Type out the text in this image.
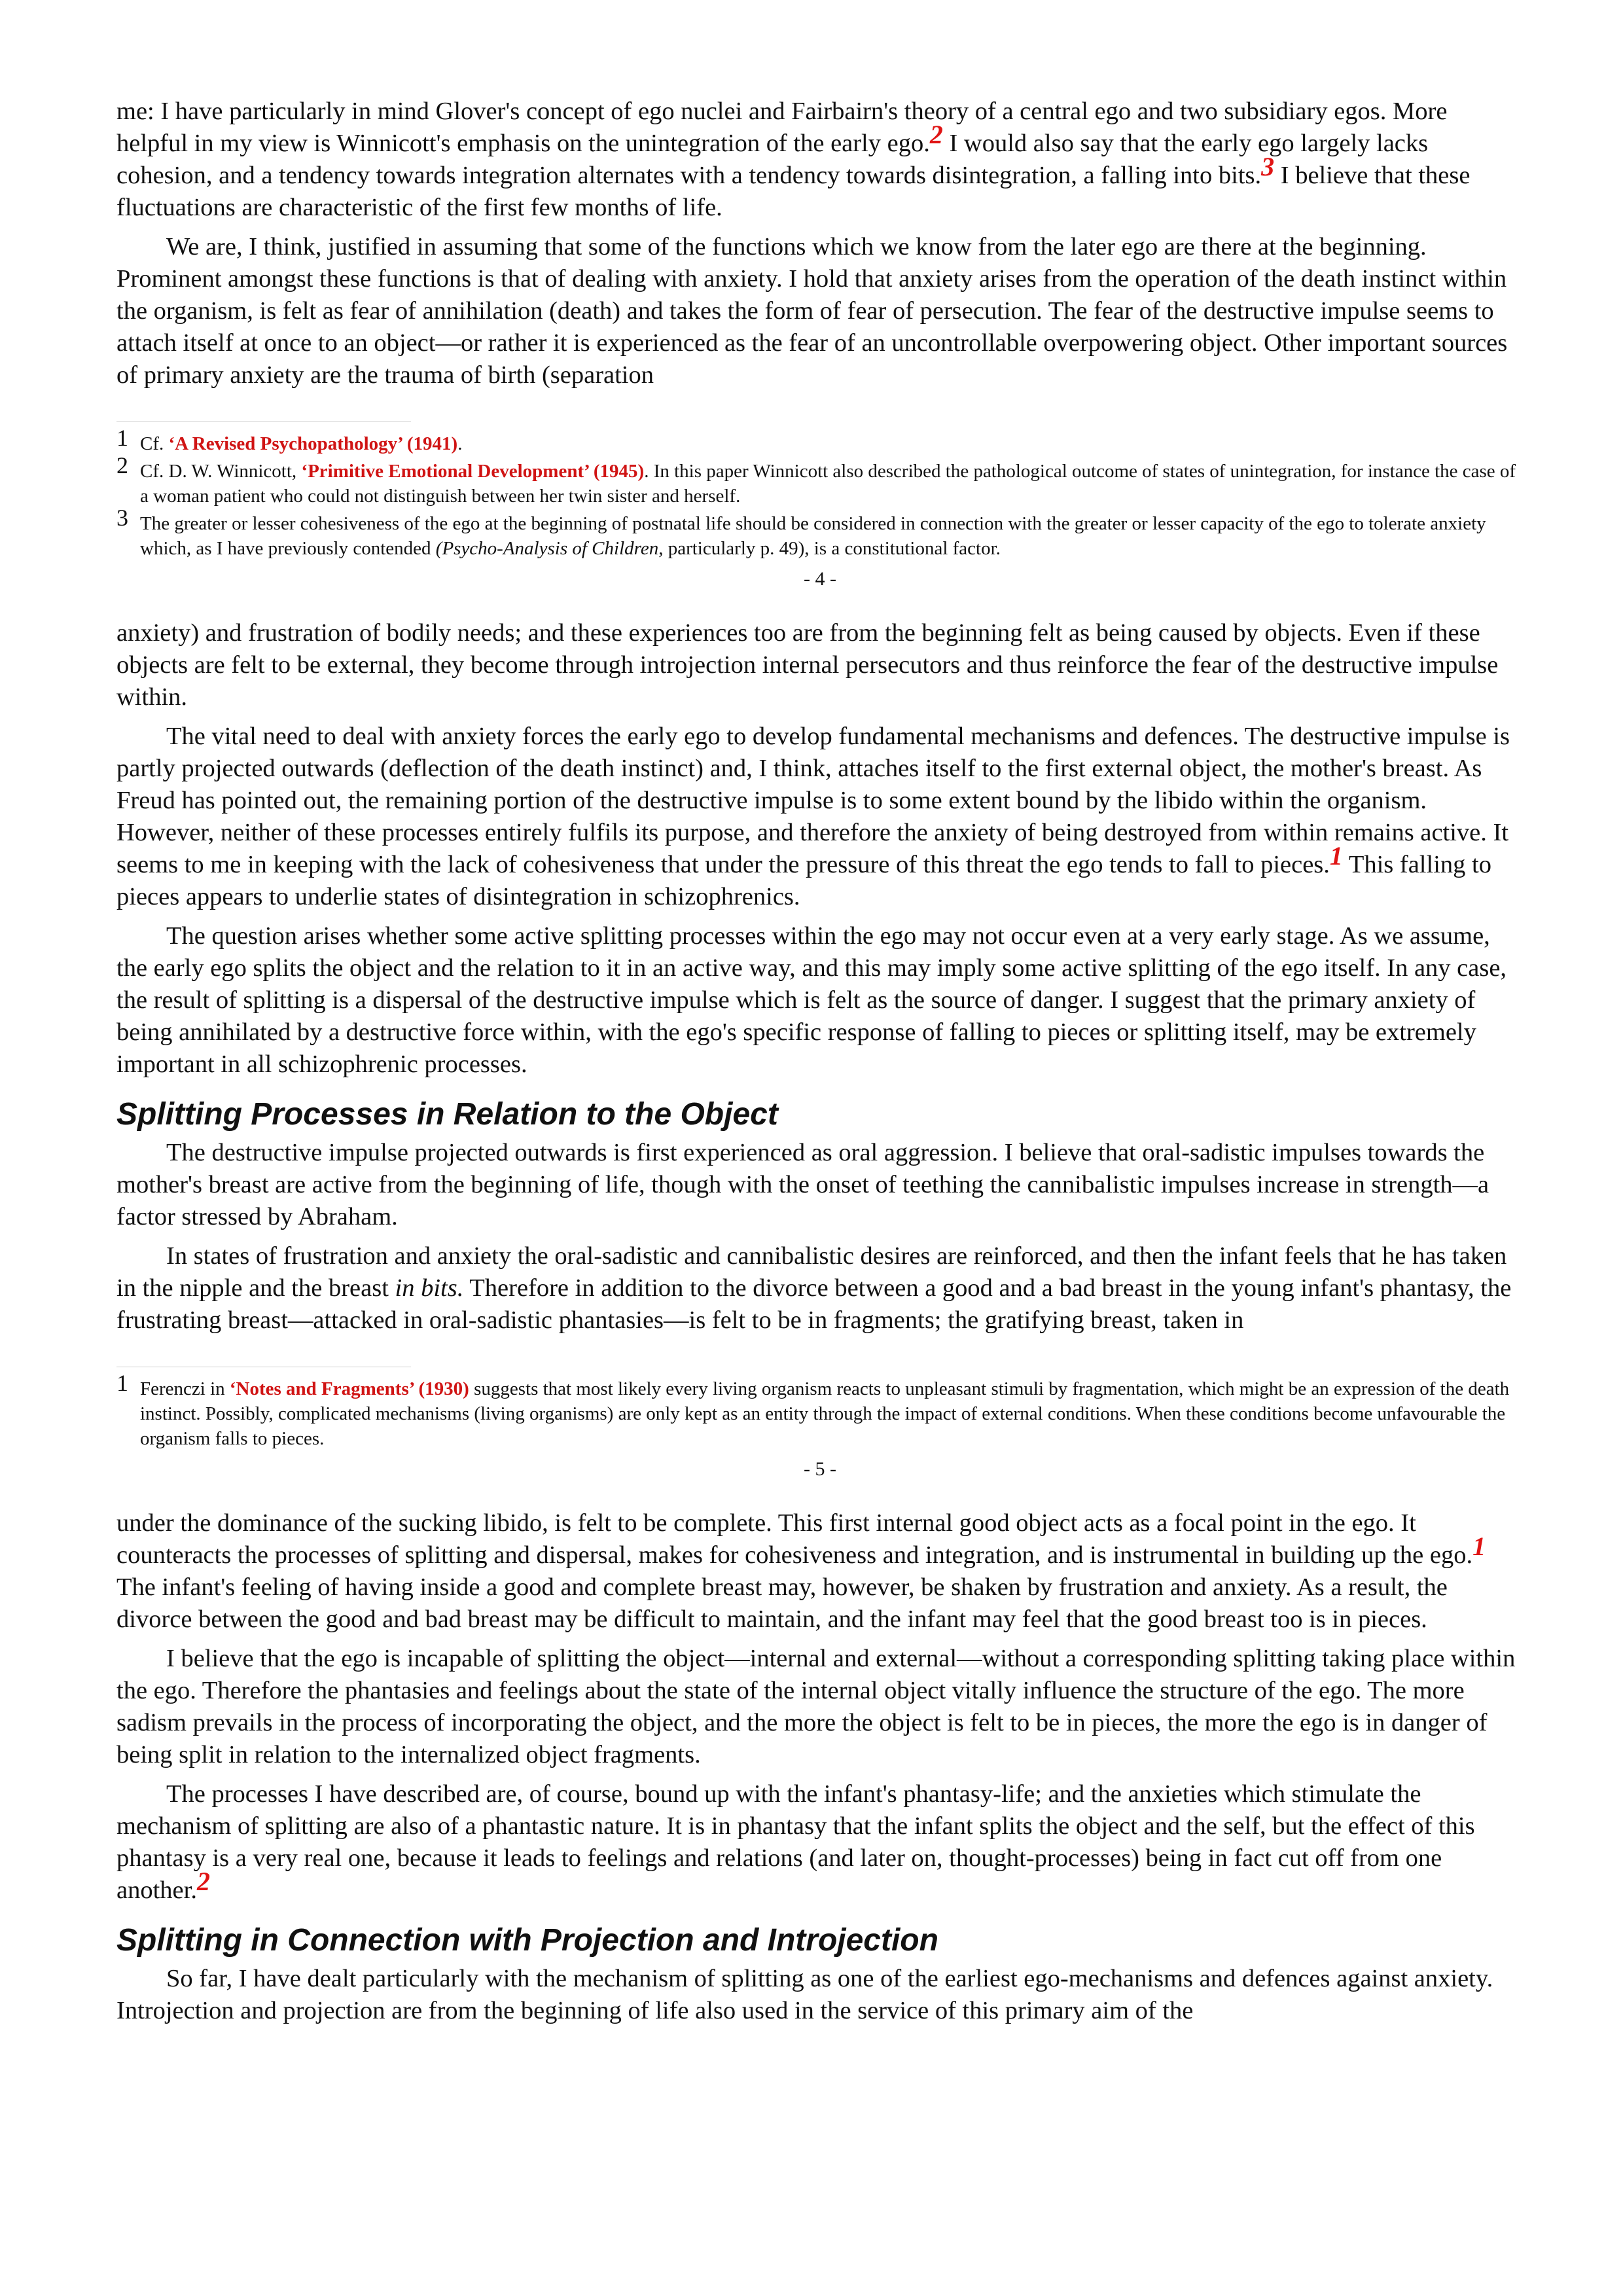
me: I have particularly in mind Glover's concept of ego nuclei and Fairbairn's theory of a central ego and two subsidiary egos. More helpful in my view is Winnicott's emphasis on the unintegration of the early ego.$^2$ I would also say that the early ego largely lacks cohesion, and a tendency towards integration alternates with a tendency towards disintegration, a falling into bits.$^3$ I believe that these fluctuations are characteristic of the first few months of life.

We are, I think, justified in assuming that some of the functions which we know from the later ego are there at the beginning. Prominent amongst these functions is that of dealing with anxiety. I hold that anxiety arises from the operation of the death instinct within the organism, is felt as fear of annihilation (death) and takes the form of fear of persecution. The fear of the destructive impulse seems to attach itself at once to an object—or rather it is experienced as the fear of an uncontrollable overpowering object. Other important sources of primary anxiety are the trauma of birth (separation

1 Cf. ‘A Revised Psychopathology’ (1941).

2 Cf. D. W. Winnicott, ‘Primitive Emotional Development’ (1945). In this paper Winnicott also described the pathological outcome of states of unintegration, for instance the case of a woman patient who could not distinguish between her twin sister and herself.

3 The greater or lesser cohesiveness of the ego at the beginning of postnatal life should be considered in connection with the greater or lesser capacity of the ego to tolerate anxiety which, as I have previously contended (Psycho-Analysis of Children, particularly p. 49), is a constitutional factor.

- 4 -

anxiety) and frustration of bodily needs; and these experiences too are from the beginning felt as being caused by objects. Even if these objects are felt to be external, they become through introjection internal persecutors and thus reinforce the fear of the destructive impulse within.

The vital need to deal with anxiety forces the early ego to develop fundamental mechanisms and defences. The destructive impulse is partly projected outwards (deflection of the death instinct) and, I think, attaches itself to the first external object, the mother's breast. As Freud has pointed out, the remaining portion of the destructive impulse is to some extent bound by the libido within the organism. However, neither of these processes entirely fulfils its purpose, and therefore the anxiety of being destroyed from within remains active. It seems to me in keeping with the lack of cohesiveness that under the pressure of this threat the ego tends to fall to pieces.$^1$ This falling to pieces appears to underlie states of disintegration in schizophrenics.

The question arises whether some active splitting processes within the ego may not occur even at a very early stage. As we assume, the early ego splits the object and the relation to it in an active way, and this may imply some active splitting of the ego itself. In any case, the result of splitting is a dispersal of the destructive impulse which is felt as the source of danger. I suggest that the primary anxiety of being annihilated by a destructive force within, with the ego's specific response of falling to pieces or splitting itself, may be extremely important in all schizophrenic processes.

Splitting Processes in Relation to the Object

The destructive impulse projected outwards is first experienced as oral aggression. I believe that oral-sadistic impulses towards the mother's breast are active from the beginning of life, though with the onset of teething the cannibalistic impulses increase in strength—a factor stressed by Abraham.

In states of frustration and anxiety the oral-sadistic and cannibalistic desires are reinforced, and then the infant feels that he has taken in the nipple and the breast in bits. Therefore in addition to the divorce between a good and a bad breast in the young infant's phantasy, the frustrating breast—attacked in oral-sadistic phantasies—is felt to be in fragments; the gratifying breast, taken in

1 Ferenczi in ‘Notes and Fragments’ (1930) suggests that most likely every living organism reacts to unpleasant stimuli by fragmentation, which might be an expression of the death instinct. Possibly, complicated mechanisms (living organisms) are only kept as an entity through the impact of external conditions. When these conditions become unfavourable the organism falls to pieces.

- 5 -

under the dominance of the sucking libido, is felt to be complete. This first internal good object acts as a focal point in the ego. It counteracts the processes of splitting and dispersal, makes for cohesiveness and integration, and is instrumental in building up the ego.$^1$ The infant's feeling of having inside a good and complete breast may, however, be shaken by frustration and anxiety. As a result, the divorce between the good and bad breast may be difficult to maintain, and the infant may feel that the good breast too is in pieces.

I believe that the ego is incapable of splitting the object—internal and external—without a corresponding splitting taking place within the ego. Therefore the phantasies and feelings about the state of the internal object vitally influence the structure of the ego. The more sadism prevails in the process of incorporating the object, and the more the object is felt to be in pieces, the more the ego is in danger of being split in relation to the internalized object fragments.

The processes I have described are, of course, bound up with the infant's phantasy-life; and the anxieties which stimulate the mechanism of splitting are also of a phantastic nature. It is in phantasy that the infant splits the object and the self, but the effect of this phantasy is a very real one, because it leads to feelings and relations (and later on, thought-processes) being in fact cut off from one another.$^2$

Splitting in Connection with Projection and Introjection

So far, I have dealt particularly with the mechanism of splitting as one of the earliest ego-mechanisms and defences against anxiety. Introjection and projection are from the beginning of life also used in the service of this primary aim of the
